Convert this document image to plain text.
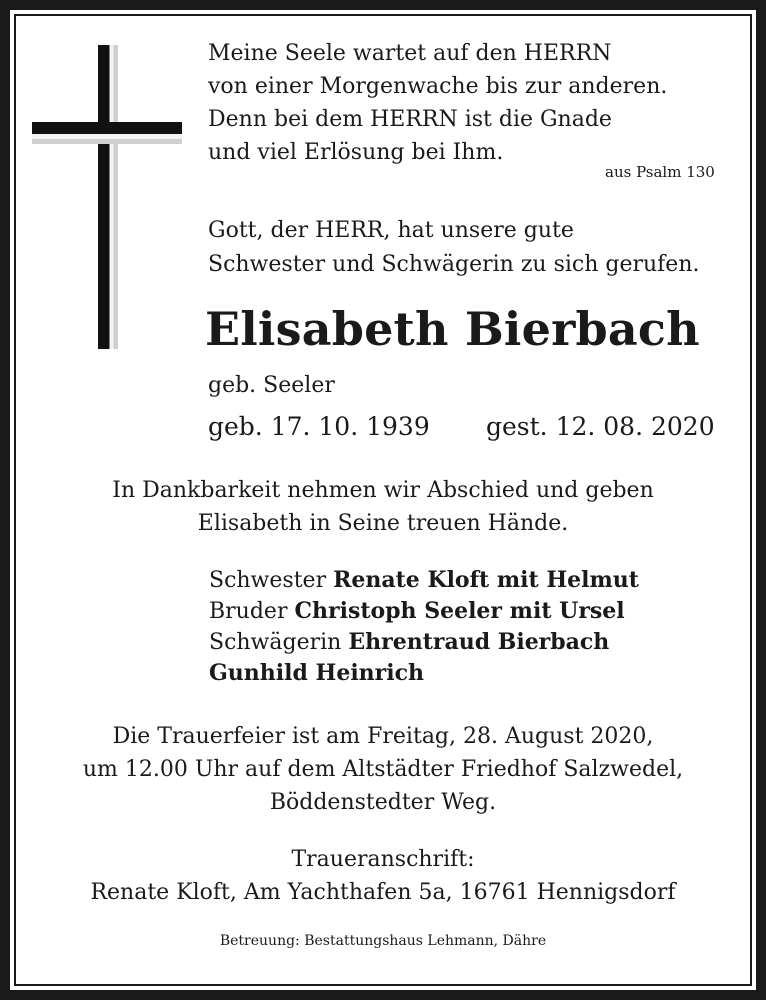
Meine Seele wartet auf den HERRN
von einer Morgenwache bis zur anderen.
Denn bei dem HERRN ist die Gnade
und viel Erlösung bei Ihm.
aus Psalm 130
Gott, der HERR, hat unsere gute
Schwester und Schwägerin zu sich gerufen.
Elisabeth Bierbach
geb. Seeler
geb. 17. 10. 1939 gest. 12. 08. 2020
In Dankbarkeit nehmen wir Abschied und geben
Elisabeth in Seine treuen Hände.
Schwester Renate Kloft mit Helmut
Bruder Christoph Seeler mit Ursel
Schwägerin Ehrentraud Bierbach
Gunhild Heinrich
Die Trauerfeier ist am Freitag, 28. August 2020,
um 12.00 Uhr auf dem Altstädter Friedhof Salzwedel,
Böddenstedter Weg.
Traueranschrift:
Renate Kloft, Am Yachthafen 5a, 16761 Hennigsdorf
Betreuung: Bestattungshaus Lehmann, Dähre
